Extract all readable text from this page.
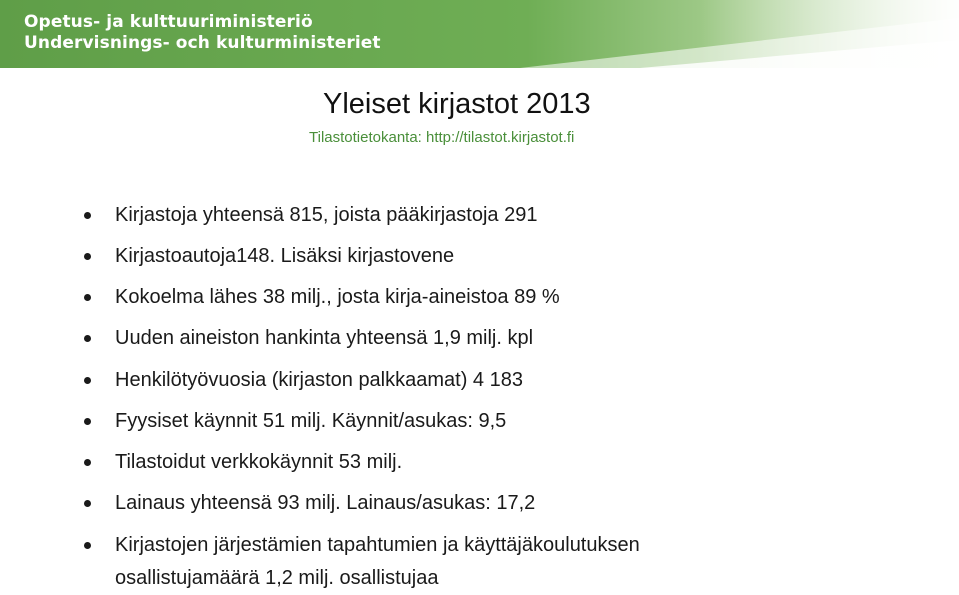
Opetus- ja kulttuuriministeriö
Undervisnings- och kulturministeriet
Yleiset kirjastot 2013
Tilastotietokanta: http://tilastot.kirjastot.fi
Kirjastoja yhteensä 815, joista pääkirjastoja 291
Kirjastoautoja148. Lisäksi kirjastovene
Kokoelma lähes 38 milj., josta kirja-aineistoa 89 %
Uuden aineiston hankinta yhteensä 1,9 milj. kpl
Henkilötyövuosia (kirjaston palkkaamat) 4 183
Fyysiset käynnit 51 milj. Käynnit/asukas: 9,5
Tilastoidut verkkokäynnit 53 milj.
Lainaus yhteensä 93 milj. Lainaus/asukas: 17,2
Kirjastojen järjestämien tapahtumien ja käyttäjäkoulutuksen
osallistujamäärä 1,2 milj. osallistujaa
